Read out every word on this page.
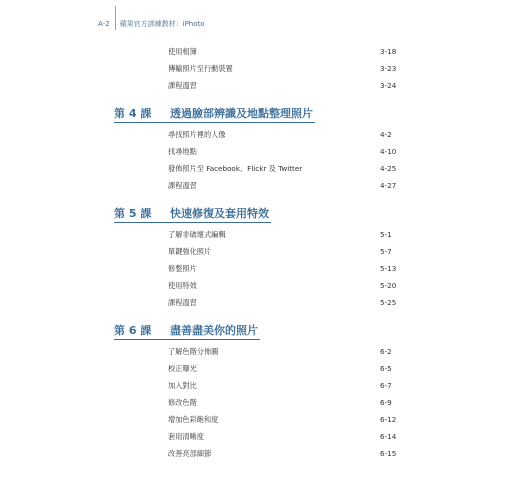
A-2 蘋果官方訓練教材：iPhoto
使用相簿	3-18
傳輸照片至行動裝置	3-23
課程溫習	3-24
第 4 課 透過臉部辨識及地點整理照片
尋找照片裡的人像	4-2
找尋地點	4-10
發佈照片至 Facebook、Flickr 及 Twitter	4-25
課程溫習	4-27
第 5 課 快速修復及套用特效
了解非破壞式編輯	5-1
單鍵強化照片	5-7
修整照片	5-13
使用特效	5-20
課程溫習	5-25
第 6 課 盡善盡美你的照片
了解色階分佈圖	6-2
校正曝光	6-5
加入對比	6-7
修改色階	6-9
增加色彩飽和度	6-12
套用清晰度	6-14
改善亮部細節	6-15
